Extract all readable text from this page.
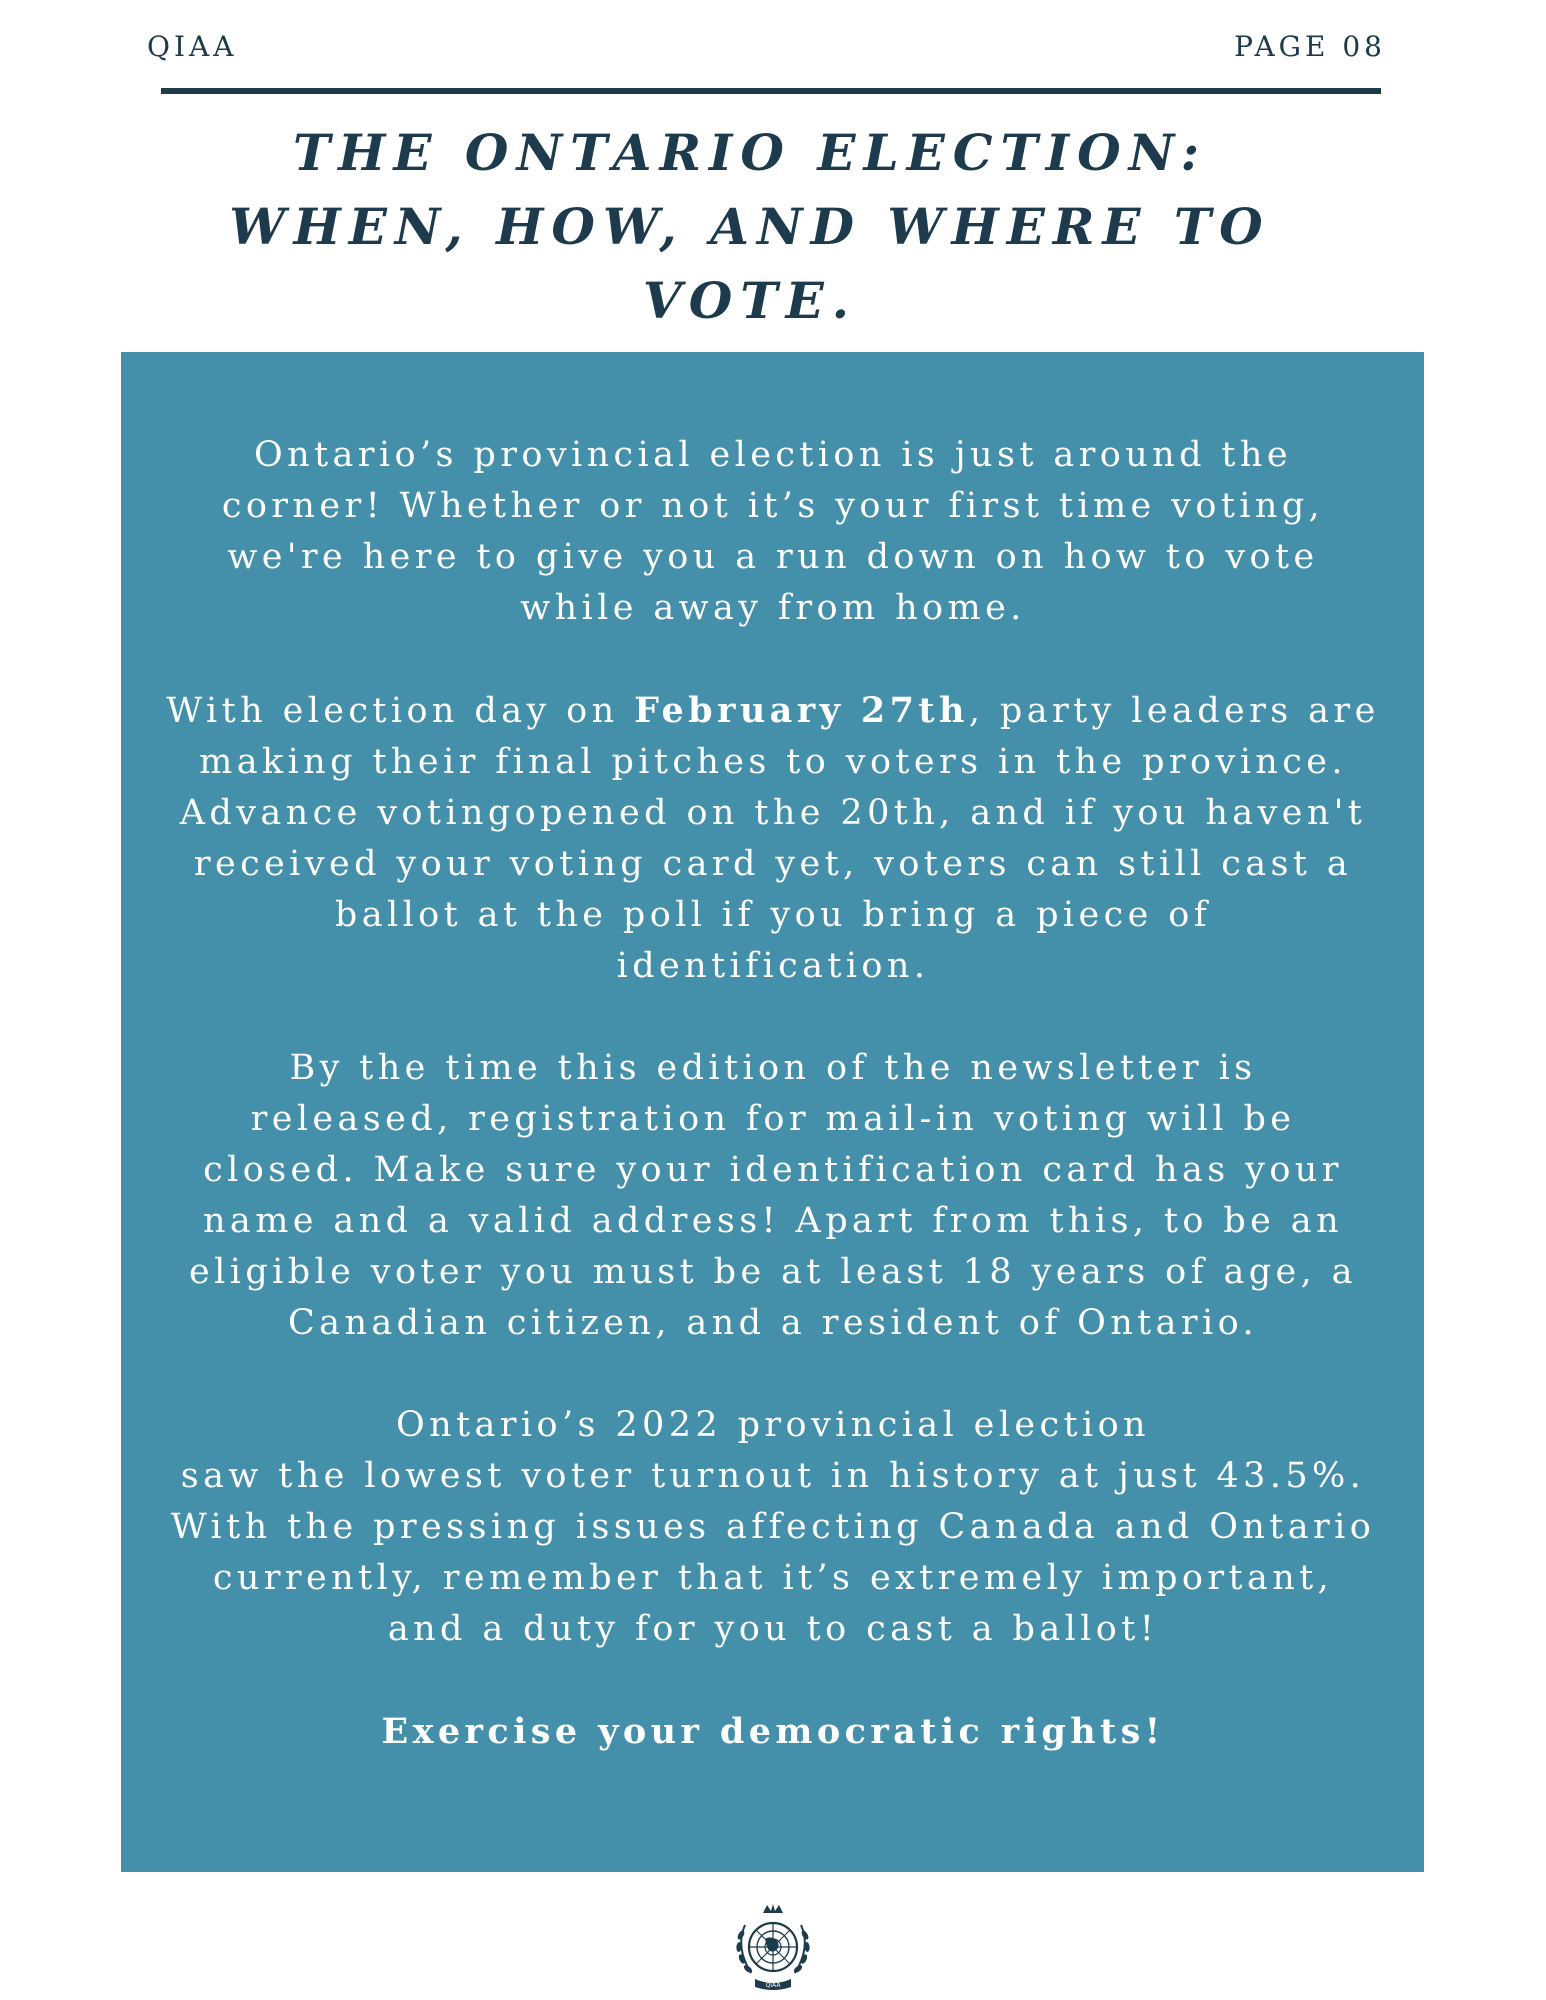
QIAA	PAGE 08
THE ONTARIO ELECTION:
WHEN, HOW, AND WHERE TO
VOTE.

Ontario’s provincial election is just around the
corner! Whether or not it’s your first time voting,
we're here to give you a run down on how to vote
while away from home.

With election day on February 27th, party leaders are
making their final pitches to voters in the province.
Advance votingopened on the 20th, and if you haven't
received your voting card yet, voters can still cast a
ballot at the poll if you bring a piece of
identification.

By the time this edition of the newsletter is
released, registration for mail-in voting will be
closed. Make sure your identification card has your
name and a valid address! Apart from this, to be an
eligible voter you must be at least 18 years of age, a
Canadian citizen, and a resident of Ontario.

Ontario’s 2022 provincial election
saw the lowest voter turnout in history at just 43.5%.
With the pressing issues affecting Canada and Ontario
currently, remember that it’s extremely important,
and a duty for you to cast a ballot!

Exercise your democratic rights!

QIAA
